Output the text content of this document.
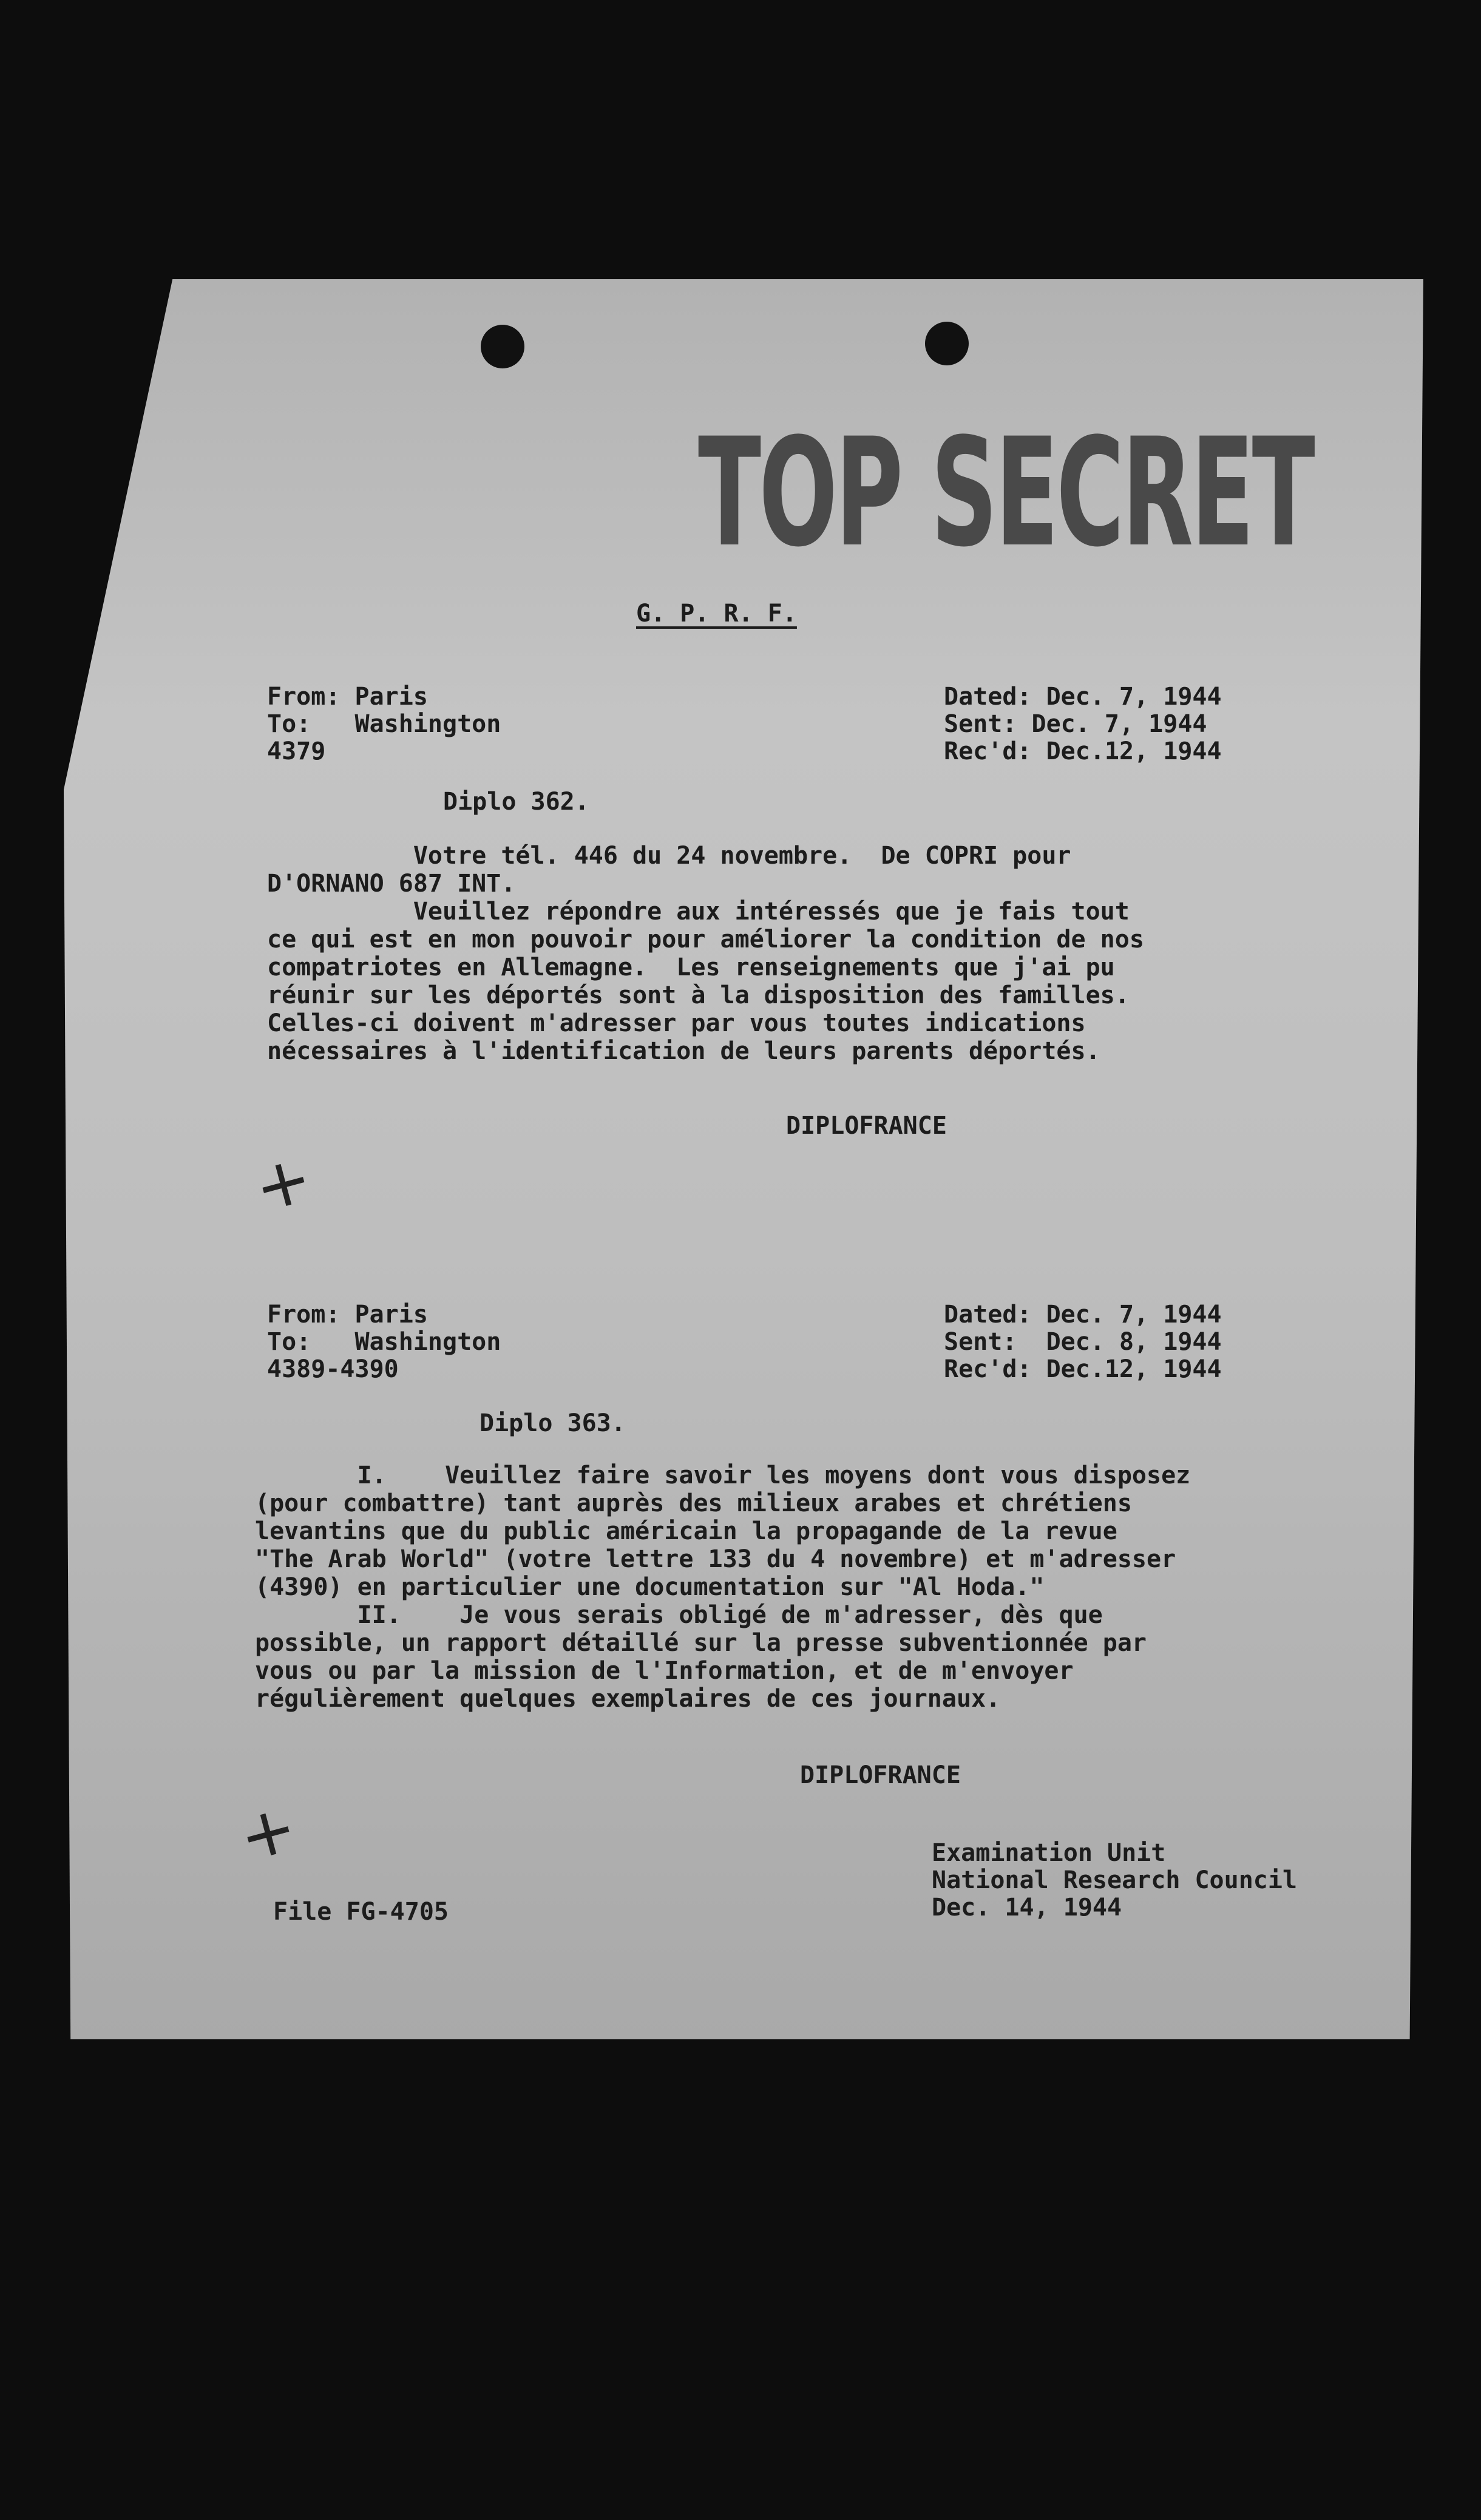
TOP SECRET
G. P. R. F.
From: Paris
To:   Washington
4379
Dated: Dec. 7, 1944
Sent: Dec. 7, 1944
Rec'd: Dec.12, 1944
Diplo 362.
Votre tél. 446 du 24 novembre.  De COPRI pour
D'ORNANO 687 INT.
Veuillez répondre aux intéressés que je fais tout
ce qui est en mon pouvoir pour améliorer la condition de nos
compatriotes en Allemagne.  Les renseignements que j'ai pu
réunir sur les déportés sont à la disposition des familles.
Celles-ci doivent m'adresser par vous toutes indications
nécessaires à l'identification de leurs parents déportés.
DIPLOFRANCE
+
From: Paris
To:   Washington
4389-4390
Dated: Dec. 7, 1944
Sent:  Dec. 8, 1944
Rec'd: Dec.12, 1944
Diplo 363.
I.    Veuillez faire savoir les moyens dont vous disposez
(pour combattre) tant auprès des milieux arabes et chrétiens
levantins que du public américain la propagande de la revue
"The Arab World" (votre lettre 133 du 4 novembre) et m'adresser
(4390) en particulier une documentation sur "Al Hoda."
II.    Je vous serais obligé de m'adresser, dès que
possible, un rapport détaillé sur la presse subventionnée par
vous ou par la mission de l'Information, et de m'envoyer
régulièrement quelques exemplaires de ces journaux.
DIPLOFRANCE
+	Examination Unit
National Research Council
Dec. 14, 1944
File FG-4705
